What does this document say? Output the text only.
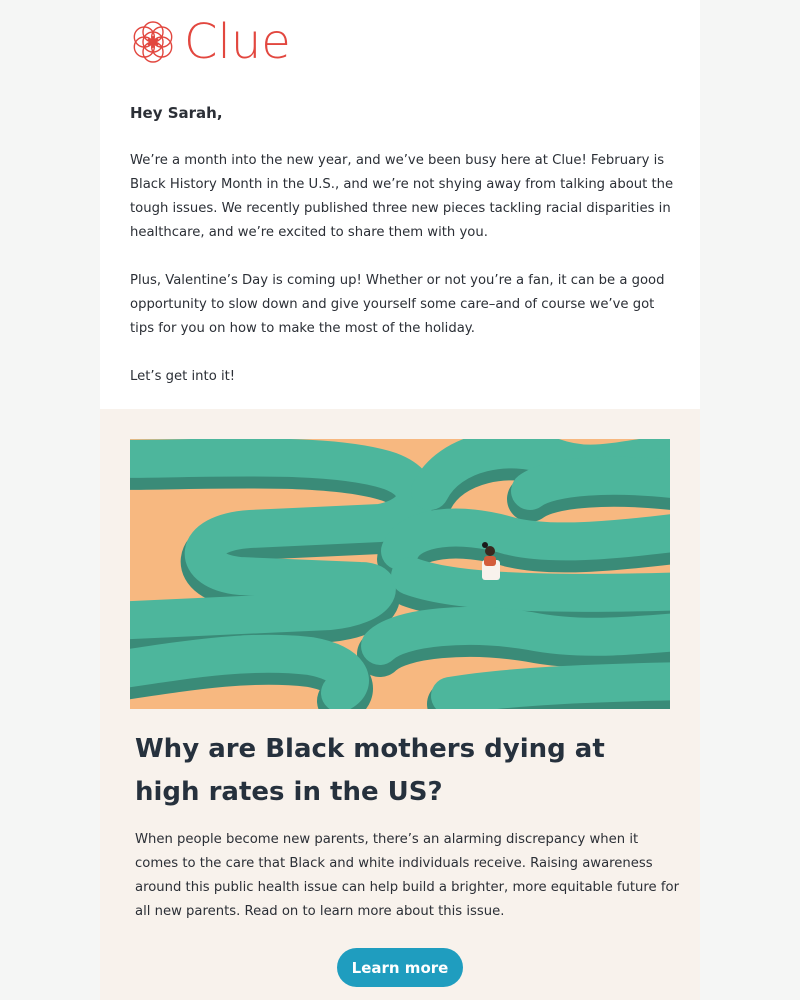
Clue
Hey Sarah,
We’re a month into the new year, and we’ve been busy here at Clue! February is Black History Month in the U.S., and we’re not shying away from talking about the tough issues. We recently published three new pieces tackling racial disparities in healthcare, and we’re excited to share them with you.
Plus, Valentine’s Day is coming up! Whether or not you’re a fan, it can be a good opportunity to slow down and give yourself some care–and of course we’ve got tips for you on how to make the most of the holiday.
Let’s get into it!
Why are Black mothers dying at high rates in the US?
When people become new parents, there’s an alarming discrepancy when it comes to the care that Black and white individuals receive. Raising awareness around this public health issue can help build a brighter, more equitable future for all new parents. Read on to learn more about this issue.
Learn more
